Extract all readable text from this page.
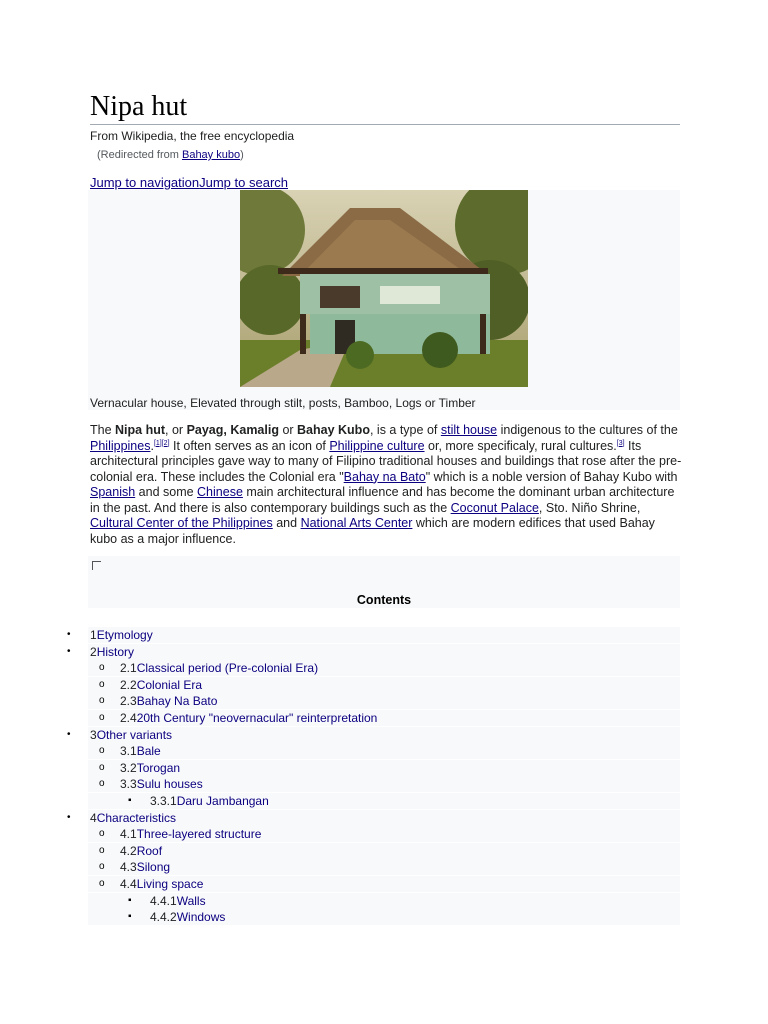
Nipa hut
From Wikipedia, the free encyclopedia
(Redirected from Bahay kubo)
Jump to navigationJump to search
Vernacular house, Elevated through stilt, posts, Bamboo, Logs or Timber
The Nipa hut, or Payag, Kamalig or Bahay Kubo, is a type of stilt house indigenous to the cultures of the Philippines.[1][2] It often serves as an icon of Philippine culture or, more specificaly, rural cultures.[3] Its architectural principles gave way to many of Filipino traditional houses and buildings that rose after the pre-colonial era. These includes the Colonial era "Bahay na Bato" which is a noble version of Bahay Kubo with Spanish and some Chinese main architectural influence and has become the dominant urban architecture in the past. And there is also contemporary buildings such as the Coconut Palace, Sto. Niño Shrine, Cultural Center of the Philippines and National Arts Center which are modern edifices that used Bahay kubo as a major influence.
Contents
• 1Etymology
• 2History
o 2.1Classical period (Pre-colonial Era)
o 2.2Colonial Era
o 2.3Bahay Na Bato
o 2.420th Century "neovernacular" reinterpretation
• 3Other variants
o 3.1Bale
o 3.2Torogan
o 3.3Sulu houses
▪ 3.3.1Daru Jambangan
• 4Characteristics
o 4.1Three-layered structure
o 4.2Roof
o 4.3Silong
o 4.4Living space
▪ 4.4.1Walls
▪ 4.4.2Windows
